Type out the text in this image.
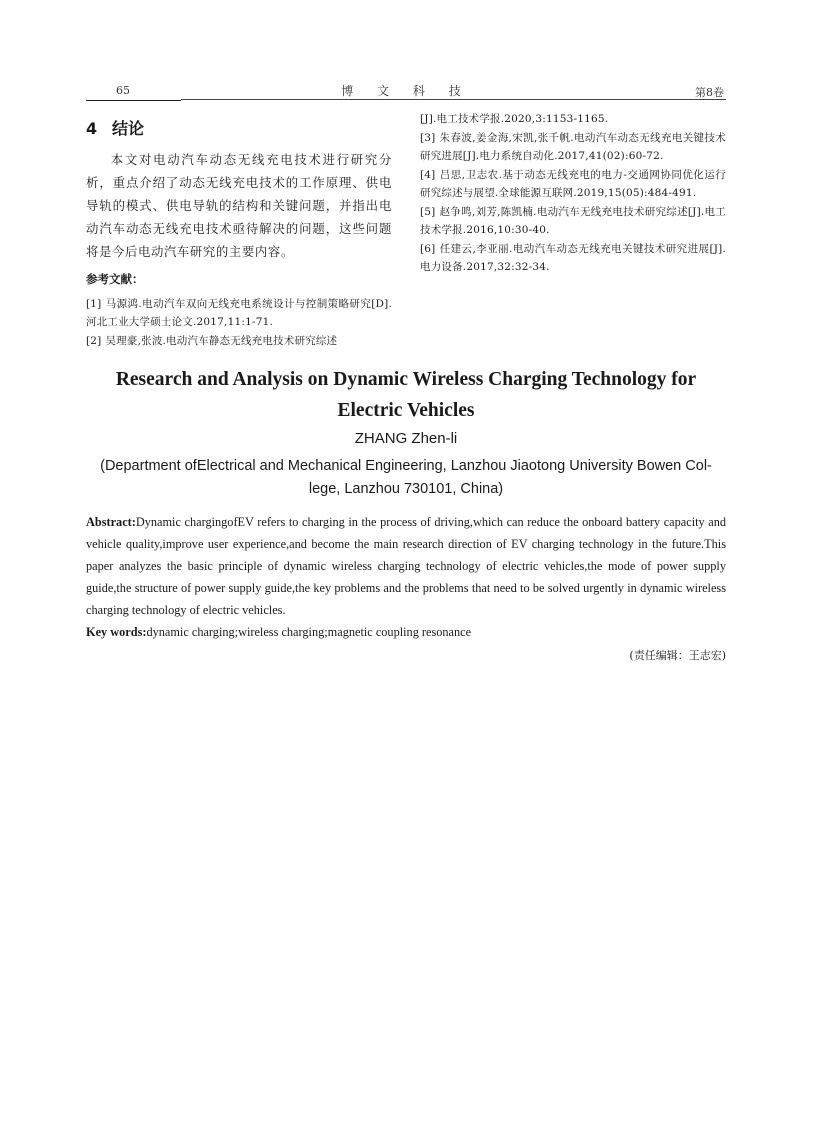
65	博 文 科 技	第8卷
4 结论
本文对电动汽车动态无线充电技术进行研究分析，重点介绍了动态无线充电技术的工作原理、供电导轨的模式、供电导轨的结构和关键问题，并指出电动汽车动态无线充电技术亟待解决的问题，这些问题将是今后电动汽车研究的主要内容。
参考文献：
[1] 马源鸿.电动汽车双向无线充电系统设计与控制策略研究[D].河北工业大学硕士论文.2017,11:1-71.
[2] 吴理豪,张波.电动汽车静态无线充电技术研究综述
[J].电工技术学报.2020,3:1153-1165.
[3] 朱春波,姜金海,宋凯,张千帆.电动汽车动态无线充电关键技术研究进展[J].电力系统自动化.2017,41(02):60-72.
[4] 吕思,卫志农.基于动态无线充电的电力-交通网协同优化运行研究综述与展望.全球能源互联网.2019,15(05):484-491.
[5] 赵争鸣,刘芳,陈凯楠.电动汽车无线充电技术研究综述[J].电工技术学报.2016,10:30-40.
[6] 任建云,李亚丽.电动汽车动态无线充电关键技术研究进展[J].电力设备.2017,32:32-34.
Research and Analysis on Dynamic Wireless Charging Technology for
Electric Vehicles
ZHANG Zhen-li
(Department ofElectrical and Mechanical Engineering, Lanzhou Jiaotong University Bowen Col-
lege, Lanzhou 730101, China)
Abstract:Dynamic chargingofEV refers to charging in the process of driving,which can reduce the onboard battery capacity and vehicle quality,improve user experience,and become the main research direction of EV charging technology in the future.This paper analyzes the basic principle of dynamic wireless charging technology of electric vehicles,the mode of power supply guide,the structure of power supply guide,the key problems and the problems that need to be solved urgently in dynamic wireless charging technology of electric vehicles.
Key words:dynamic charging;wireless charging;magnetic coupling resonance
(责任编辑：王志宏)
